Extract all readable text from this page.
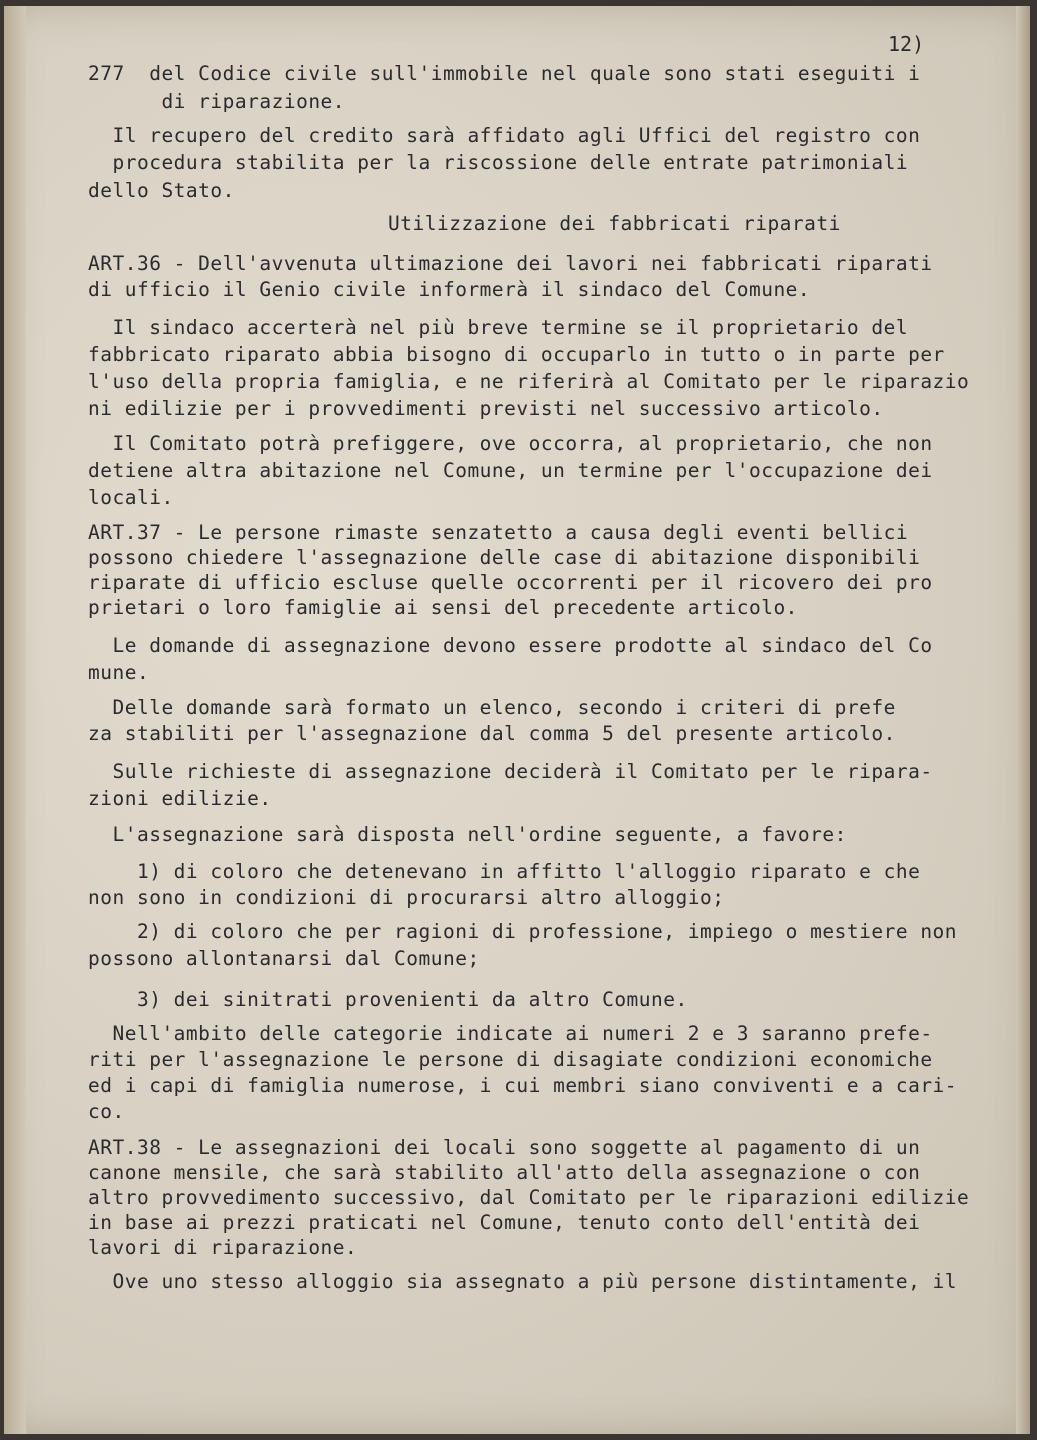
12)
277  del Codice civile sull'immobile nel quale sono stati eseguiti i
di riparazione.
Il recupero del credito sarà affidato agli Uffici del registro con
procedura stabilita per la riscossione delle entrate patrimoniali
dello Stato.
Utilizzazione dei fabbricati riparati
ART.36 - Dell'avvenuta ultimazione dei lavori nei fabbricati riparati
di ufficio il Genio civile informerà il sindaco del Comune.
Il sindaco accerterà nel più breve termine se il proprietario del
fabbricato riparato abbia bisogno di occuparlo in tutto o in parte per
l'uso della propria famiglia, e ne riferirà al Comitato per le riparazio
ni edilizie per i provvedimenti previsti nel successivo articolo.
Il Comitato potrà prefiggere, ove occorra, al proprietario, che non
detiene altra abitazione nel Comune, un termine per l'occupazione dei
locali.
ART.37 - Le persone rimaste senzatetto a causa degli eventi bellici
possono chiedere l'assegnazione delle case di abitazione disponibili
riparate di ufficio escluse quelle occorrenti per il ricovero dei pro
prietari o loro famiglie ai sensi del precedente articolo.
Le domande di assegnazione devono essere prodotte al sindaco del Co
mune.
Delle domande sarà formato un elenco, secondo i criteri di prefe
za stabiliti per l'assegnazione dal comma 5 del presente articolo.
Sulle richieste di assegnazione deciderà il Comitato per le ripara-
zioni edilizie.
L'assegnazione sarà disposta nell'ordine seguente, a favore:
1) di coloro che detenevano in affitto l'alloggio riparato e che
non sono in condizioni di procurarsi altro alloggio;
2) di coloro che per ragioni di professione, impiego o mestiere non
possono allontanarsi dal Comune;
3) dei sinitrati provenienti da altro Comune.
Nell'ambito delle categorie indicate ai numeri 2 e 3 saranno prefe-
riti per l'assegnazione le persone di disagiate condizioni economiche
ed i capi di famiglia numerose, i cui membri siano conviventi e a cari-
co.
ART.38 - Le assegnazioni dei locali sono soggette al pagamento di un
canone mensile, che sarà stabilito all'atto della assegnazione o con
altro provvedimento successivo, dal Comitato per le riparazioni edilizie
in base ai prezzi praticati nel Comune, tenuto conto dell'entità dei
lavori di riparazione.
Ove uno stesso alloggio sia assegnato a più persone distintamente, il
